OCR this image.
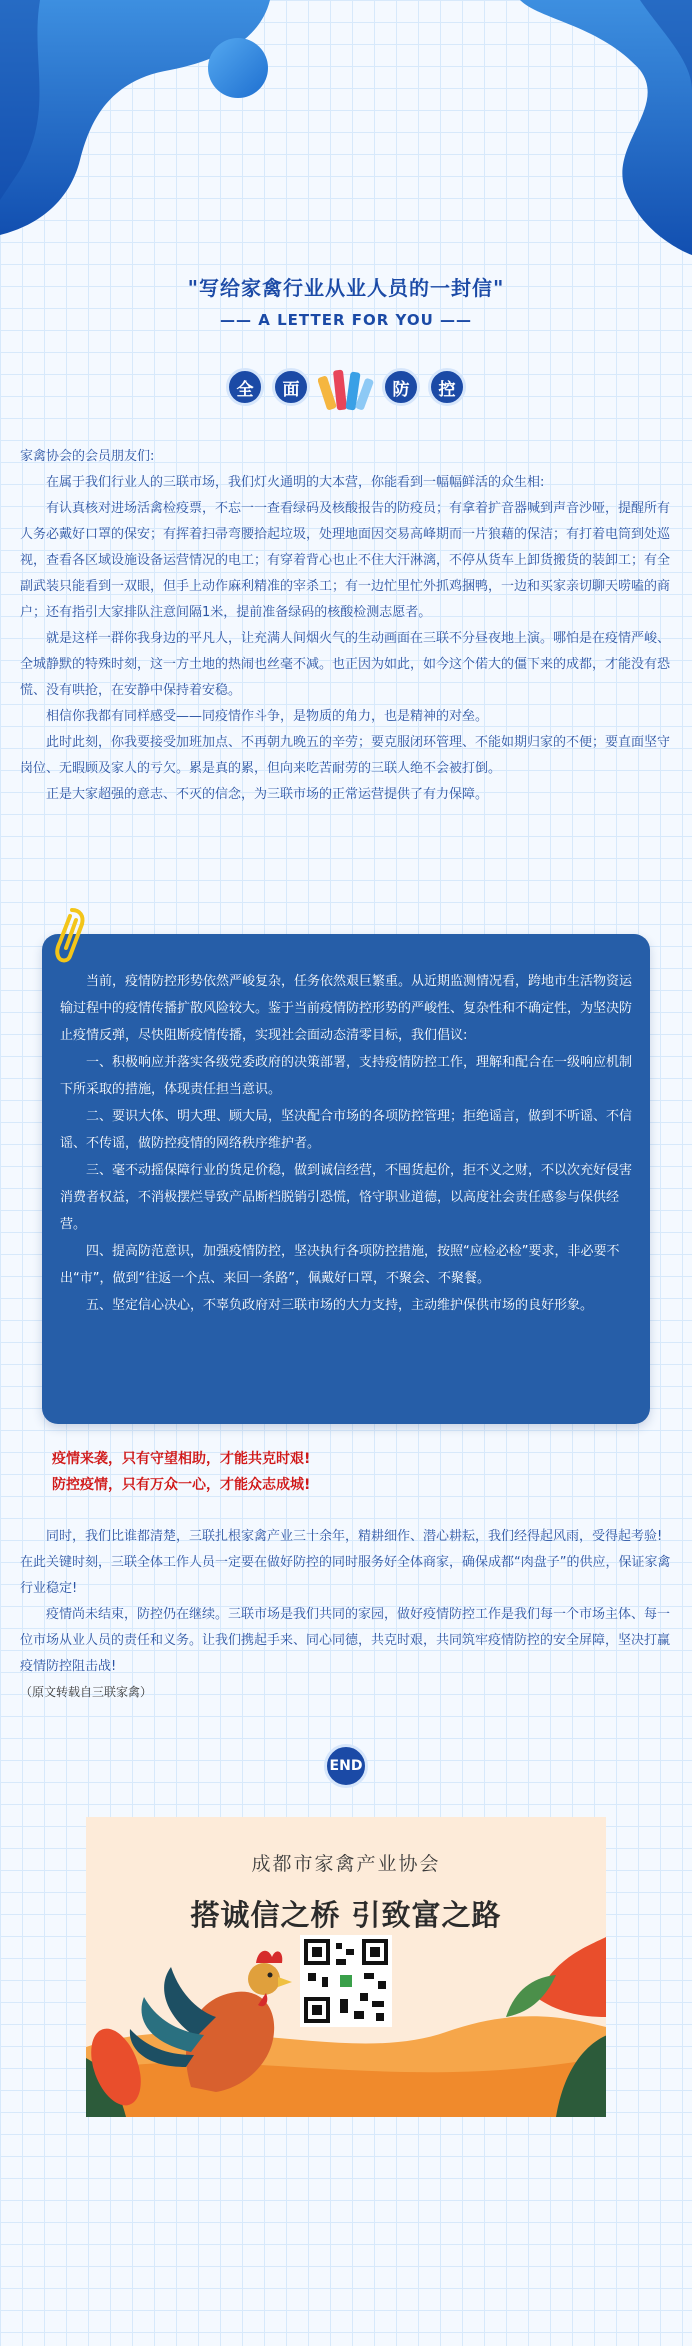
"写给家禽行业从业人员的一封信"
—— A LETTER FOR YOU ——
全	面	防	控

家禽协会的会员朋友们:

在属于我们行业人的三联市场，我们灯火通明的大本营，你能看到一幅幅鲜活的众生相:

有认真核对进场活禽检疫票，不忘一一查看绿码及核酸报告的防疫员；有拿着扩音器喊到声音沙哑，提醒所有人务必戴好口罩的保安；有挥着扫帚弯腰拾起垃圾，处理地面因交易高峰期而一片狼藉的保洁；有打着电筒到处巡视，查看各区域设施设备运营情况的电工；有穿着背心也止不住大汗淋漓，不停从货车上卸货搬货的装卸工；有全副武装只能看到一双眼，但手上动作麻利精准的宰杀工；有一边忙里忙外抓鸡捆鸭，一边和买家亲切聊天唠嗑的商户；还有指引大家排队注意间隔1米，提前准备绿码的核酸检测志愿者。

就是这样一群你我身边的平凡人，让充满人间烟火气的生动画面在三联不分昼夜地上演。哪怕是在疫情严峻、全城静默的特殊时刻，这一方土地的热闹也丝毫不减。也正因为如此，如今这个偌大的僵下来的成都，才能没有恐慌、没有哄抢，在安静中保持着安稳。

相信你我都有同样感受——同疫情作斗争，是物质的角力，也是精神的对垒。

此时此刻，你我要接受加班加点、不再朝九晚五的辛劳；要克服闭环管理、不能如期归家的不便；要直面坚守岗位、无暇顾及家人的亏欠。累是真的累，但向来吃苦耐劳的三联人绝不会被打倒。

正是大家超强的意志、不灭的信念，为三联市场的正常运营提供了有力保障。

当前，疫情防控形势依然严峻复杂，任务依然艰巨繁重。从近期监测情况看，跨地市生活物资运输过程中的疫情传播扩散风险较大。鉴于当前疫情防控形势的严峻性、复杂性和不确定性，为坚决防止疫情反弹，尽快阻断疫情传播，实现社会面动态清零目标，我们倡议:

一、积极响应并落实各级党委政府的决策部署，支持疫情防控工作，理解和配合在一级响应机制下所采取的措施，体现责任担当意识。

二、要识大体、明大理、顾大局，坚决配合市场的各项防控管理；拒绝谣言，做到不听谣、不信谣、不传谣，做防控疫情的网络秩序维护者。

三、毫不动摇保障行业的货足价稳，做到诚信经营，不囤货起价，拒不义之财，不以次充好侵害消费者权益，不消极摆烂导致产品断档脱销引恐慌，恪守职业道德，以高度社会责任感参与保供经营。

四、提高防范意识，加强疫情防控，坚决执行各项防控措施，按照“应检必检”要求，非必要不出“市”，做到“往返一个点、来回一条路”，佩戴好口罩，不聚会、不聚餐。

五、坚定信心决心，不辜负政府对三联市场的大力支持，主动维护保供市场的良好形象。

疫情来袭，只有守望相助，才能共克时艰!
防控疫情，只有万众一心，才能众志成城!

同时，我们比谁都清楚，三联扎根家禽产业三十余年，精耕细作、潜心耕耘，我们经得起风雨，受得起考验!在此关键时刻，三联全体工作人员一定要在做好防控的同时服务好全体商家，确保成都“肉盘子”的供应，保证家禽行业稳定!

疫情尚未结束，防控仍在继续。三联市场是我们共同的家园，做好疫情防控工作是我们每一个市场主体、每一位市场从业人员的责任和义务。让我们携起手来、同心同德，共克时艰，共同筑牢疫情防控的安全屏障，坚决打赢疫情防控阻击战!

（原文转载自三联家禽）

END
成都市家禽产业协会
搭诚信之桥 引致富之路
